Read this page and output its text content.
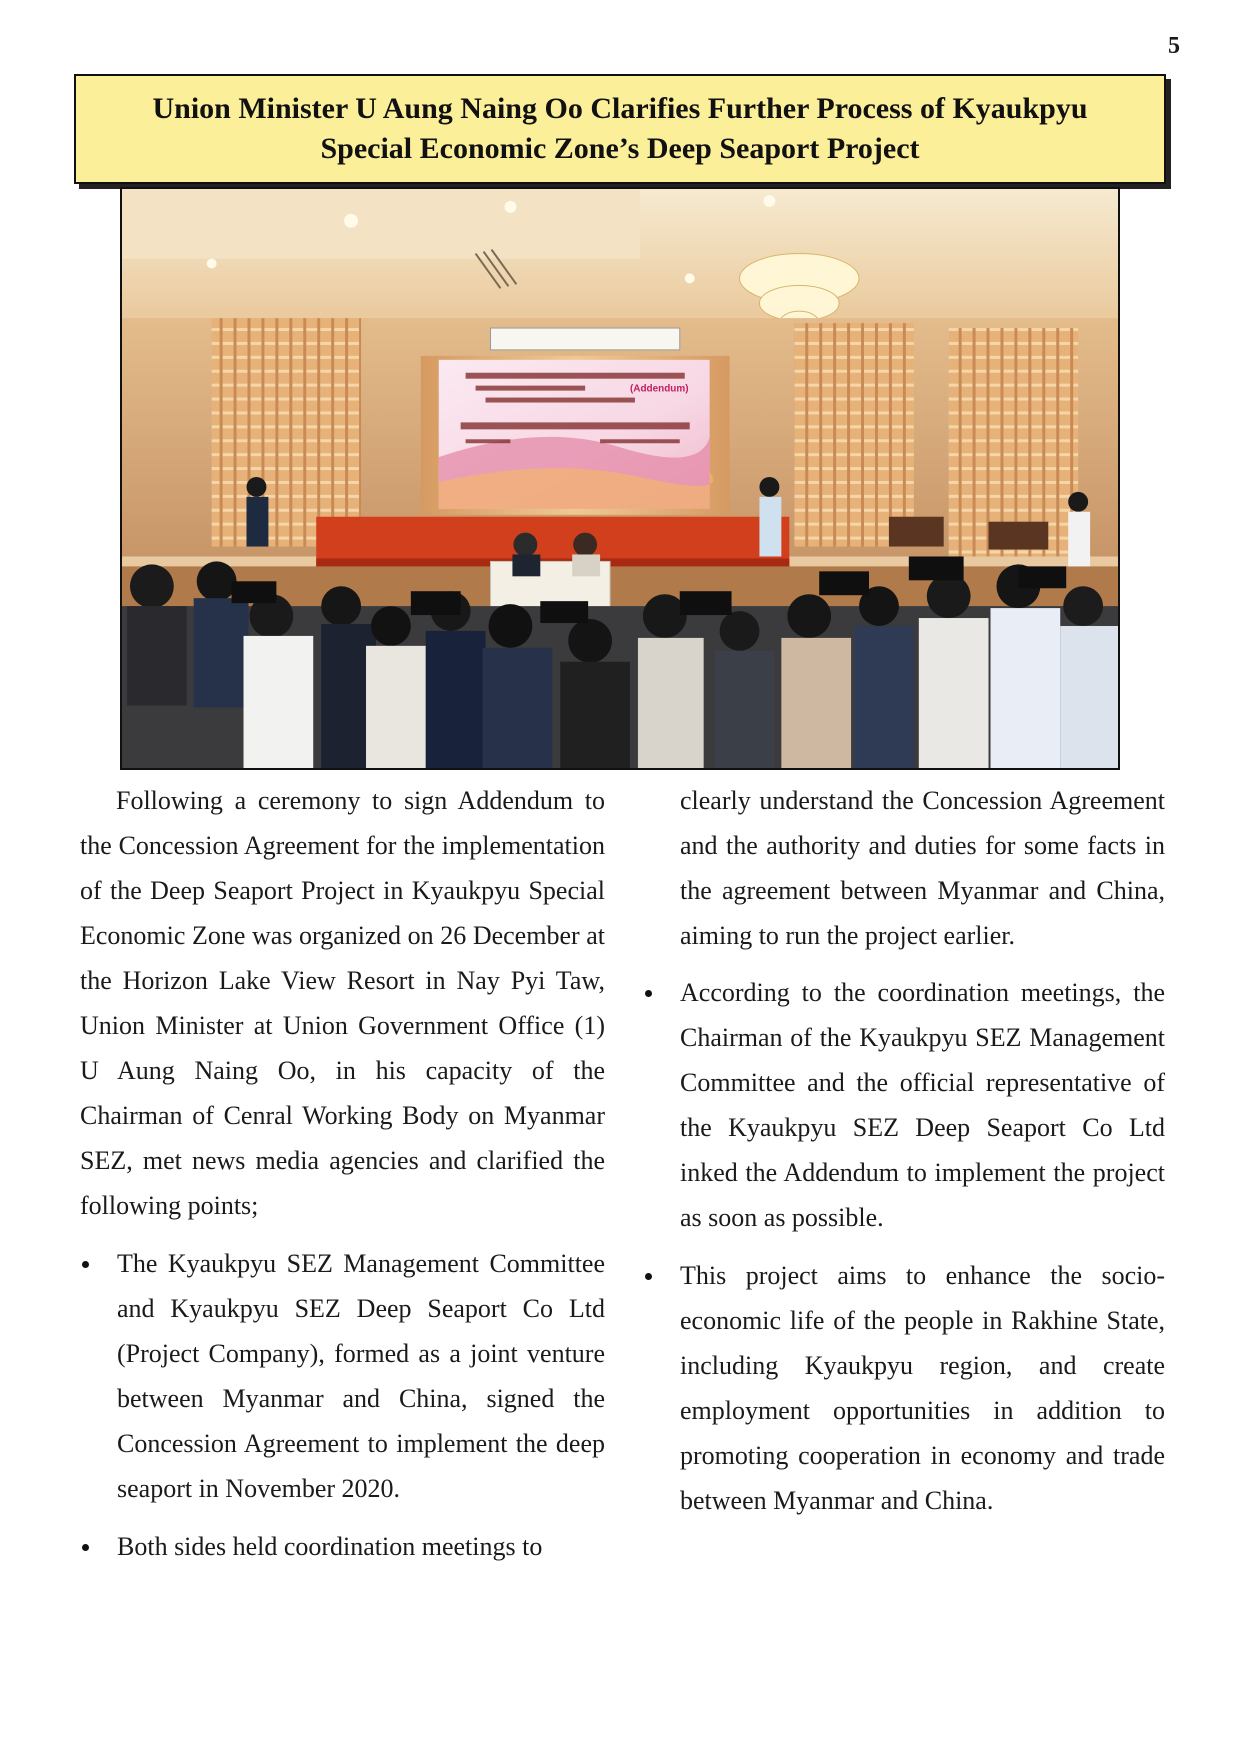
5
Union Minister U Aung Naing Oo Clarifies Further Process of Kyaukpyu
Special Economic Zone’s Deep Seaport Project
(Addendum)

Following a ceremony to sign Addendum to the Concession Agreement for the implementation of the Deep Seaport Project in Kyaukpyu Special Economic Zone was organized on 26 December at the Horizon Lake View Resort in Nay Pyi Taw, Union Minister at Union Government Office (1) U Aung Naing Oo, in his capacity of the Chairman of Cenral Working Body on Myanmar SEZ, met news media agencies and clarified the following points;

The Kyaukpyu SEZ Management Committee and Kyaukpyu SEZ Deep Seaport Co Ltd (Project Company), formed as a joint venture between Myanmar and China, signed the Concession Agreement to implement the deep seaport in November 2020.
Both sides held coordination meetings to

clearly understand the Concession Agreement and the authority and duties for some facts in the agreement between Myanmar and China, aiming to run the project earlier.

According to the coordination meetings, the Chairman of the Kyaukpyu SEZ Management Committee and the official representative of the Kyaukpyu SEZ Deep Seaport Co Ltd inked the Addendum to implement the project as soon as possible.
This project aims to enhance the socio-economic life of the people in Rakhine State, including Kyaukpyu region, and create employment opportunities in addition to promoting cooperation in economy and trade between Myanmar and China.
